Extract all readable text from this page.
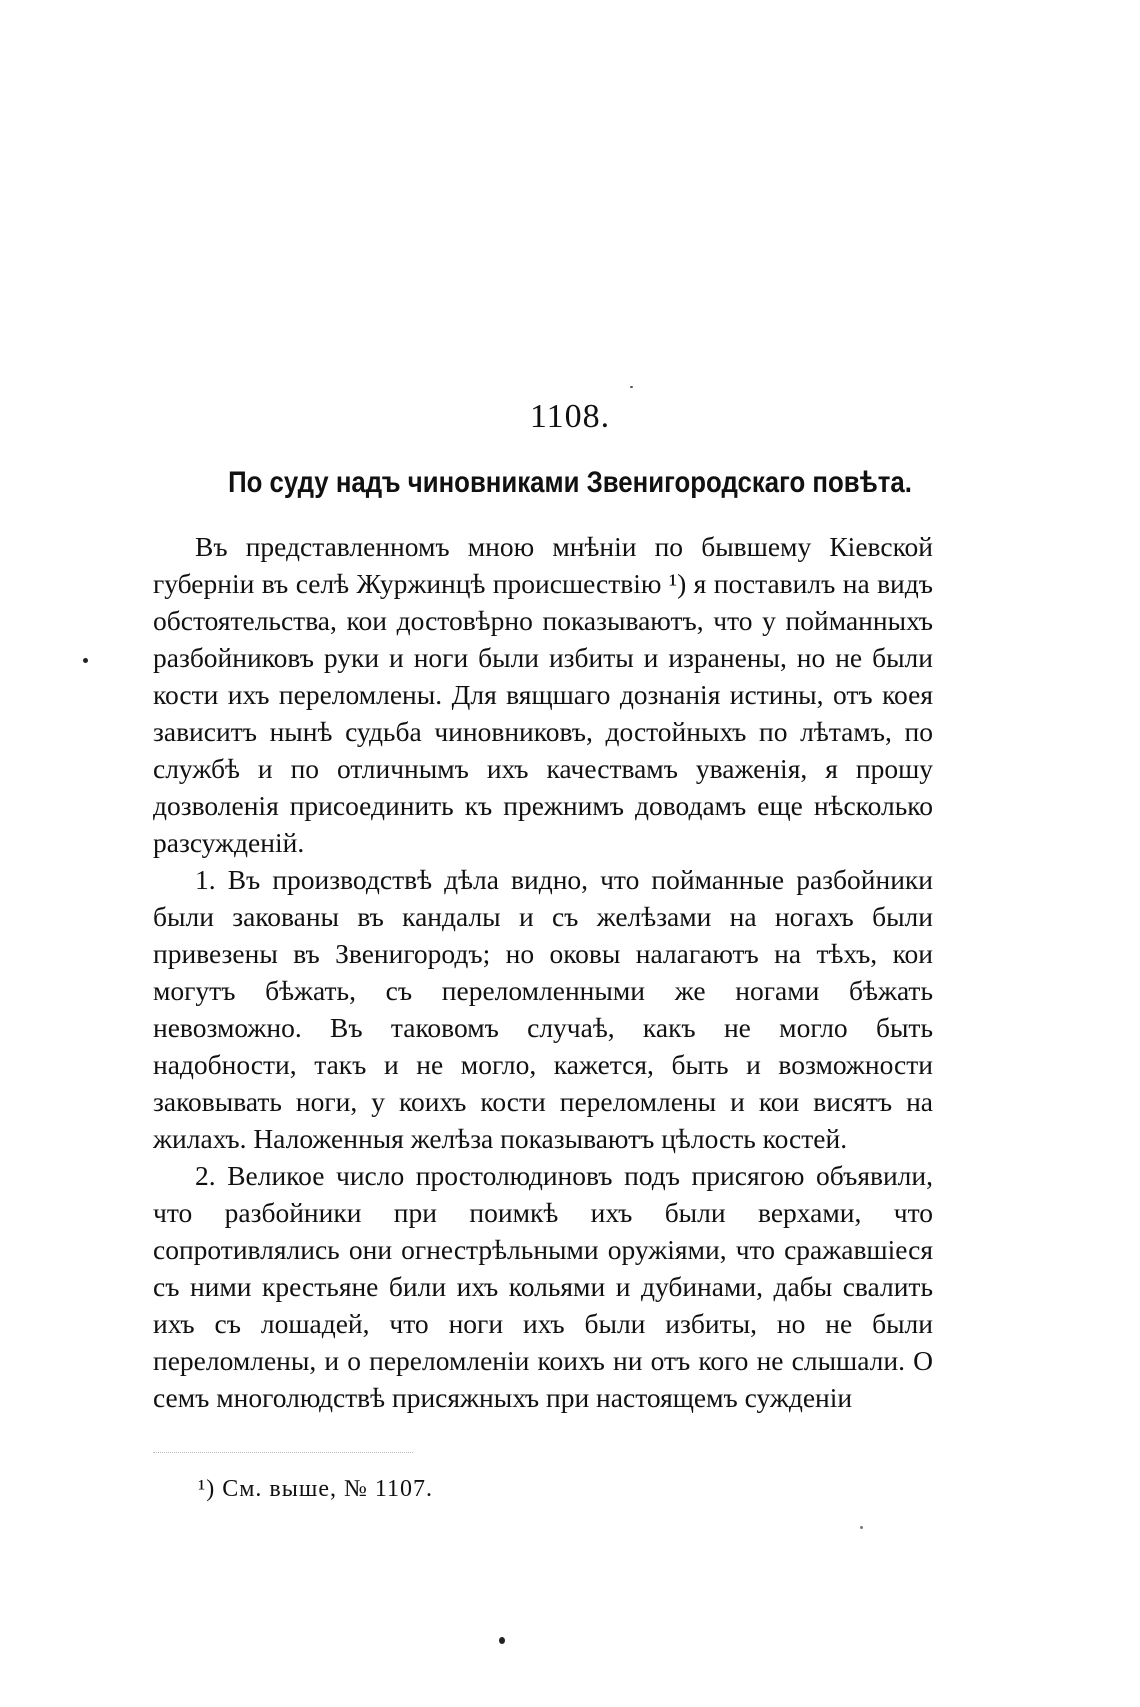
1108.
По суду надъ чиновниками Звенигородскаго повѣта.

Въ представленномъ мною мнѣніи по бывшему Кіевской губерніи въ селѣ Журжинцѣ происшествію ¹) я поставилъ на видъ обстоятельства, кои достовѣрно показываютъ, что у пойманныхъ разбойниковъ руки и ноги были избиты и изранены, но не были кости ихъ переломлены. Для вящшаго дознанія истины, отъ коея зависитъ нынѣ судьба чиновниковъ, достойныхъ по лѣтамъ, по службѣ и по отличнымъ ихъ качествамъ уваженія, я прошу дозволенія присоединить къ прежнимъ доводамъ еще нѣсколько разсужденій.

1. Въ производствѣ дѣла видно, что пойманные разбойники были закованы въ кандалы и съ желѣзами на ногахъ были привезены въ Звенигородъ; но оковы налагаютъ на тѣхъ, кои могутъ бѣжать, съ переломленными же ногами бѣжать невозможно. Въ таковомъ случаѣ, какъ не могло быть надобности, такъ и не могло, кажется, быть и возможности заковывать ноги, у коихъ кости переломлены и кои висятъ на жилахъ. Наложенныя желѣза показываютъ цѣлость костей.

2. Великое число простолюдиновъ подъ присягою объявили, что разбойники при поимкѣ ихъ были верхами, что сопротивлялись они огнестрѣльными оружіями, что сражавшіеся съ ними крестьяне били ихъ кольями и дубинами, дабы свалить ихъ съ лошадей, что ноги ихъ были избиты, но не были переломлены, и о переломленіи коихъ ни отъ кого не слышали. О семъ многолюдствѣ присяжныхъ при настоящемъ сужденіи

¹) См. выше, № 1107.
